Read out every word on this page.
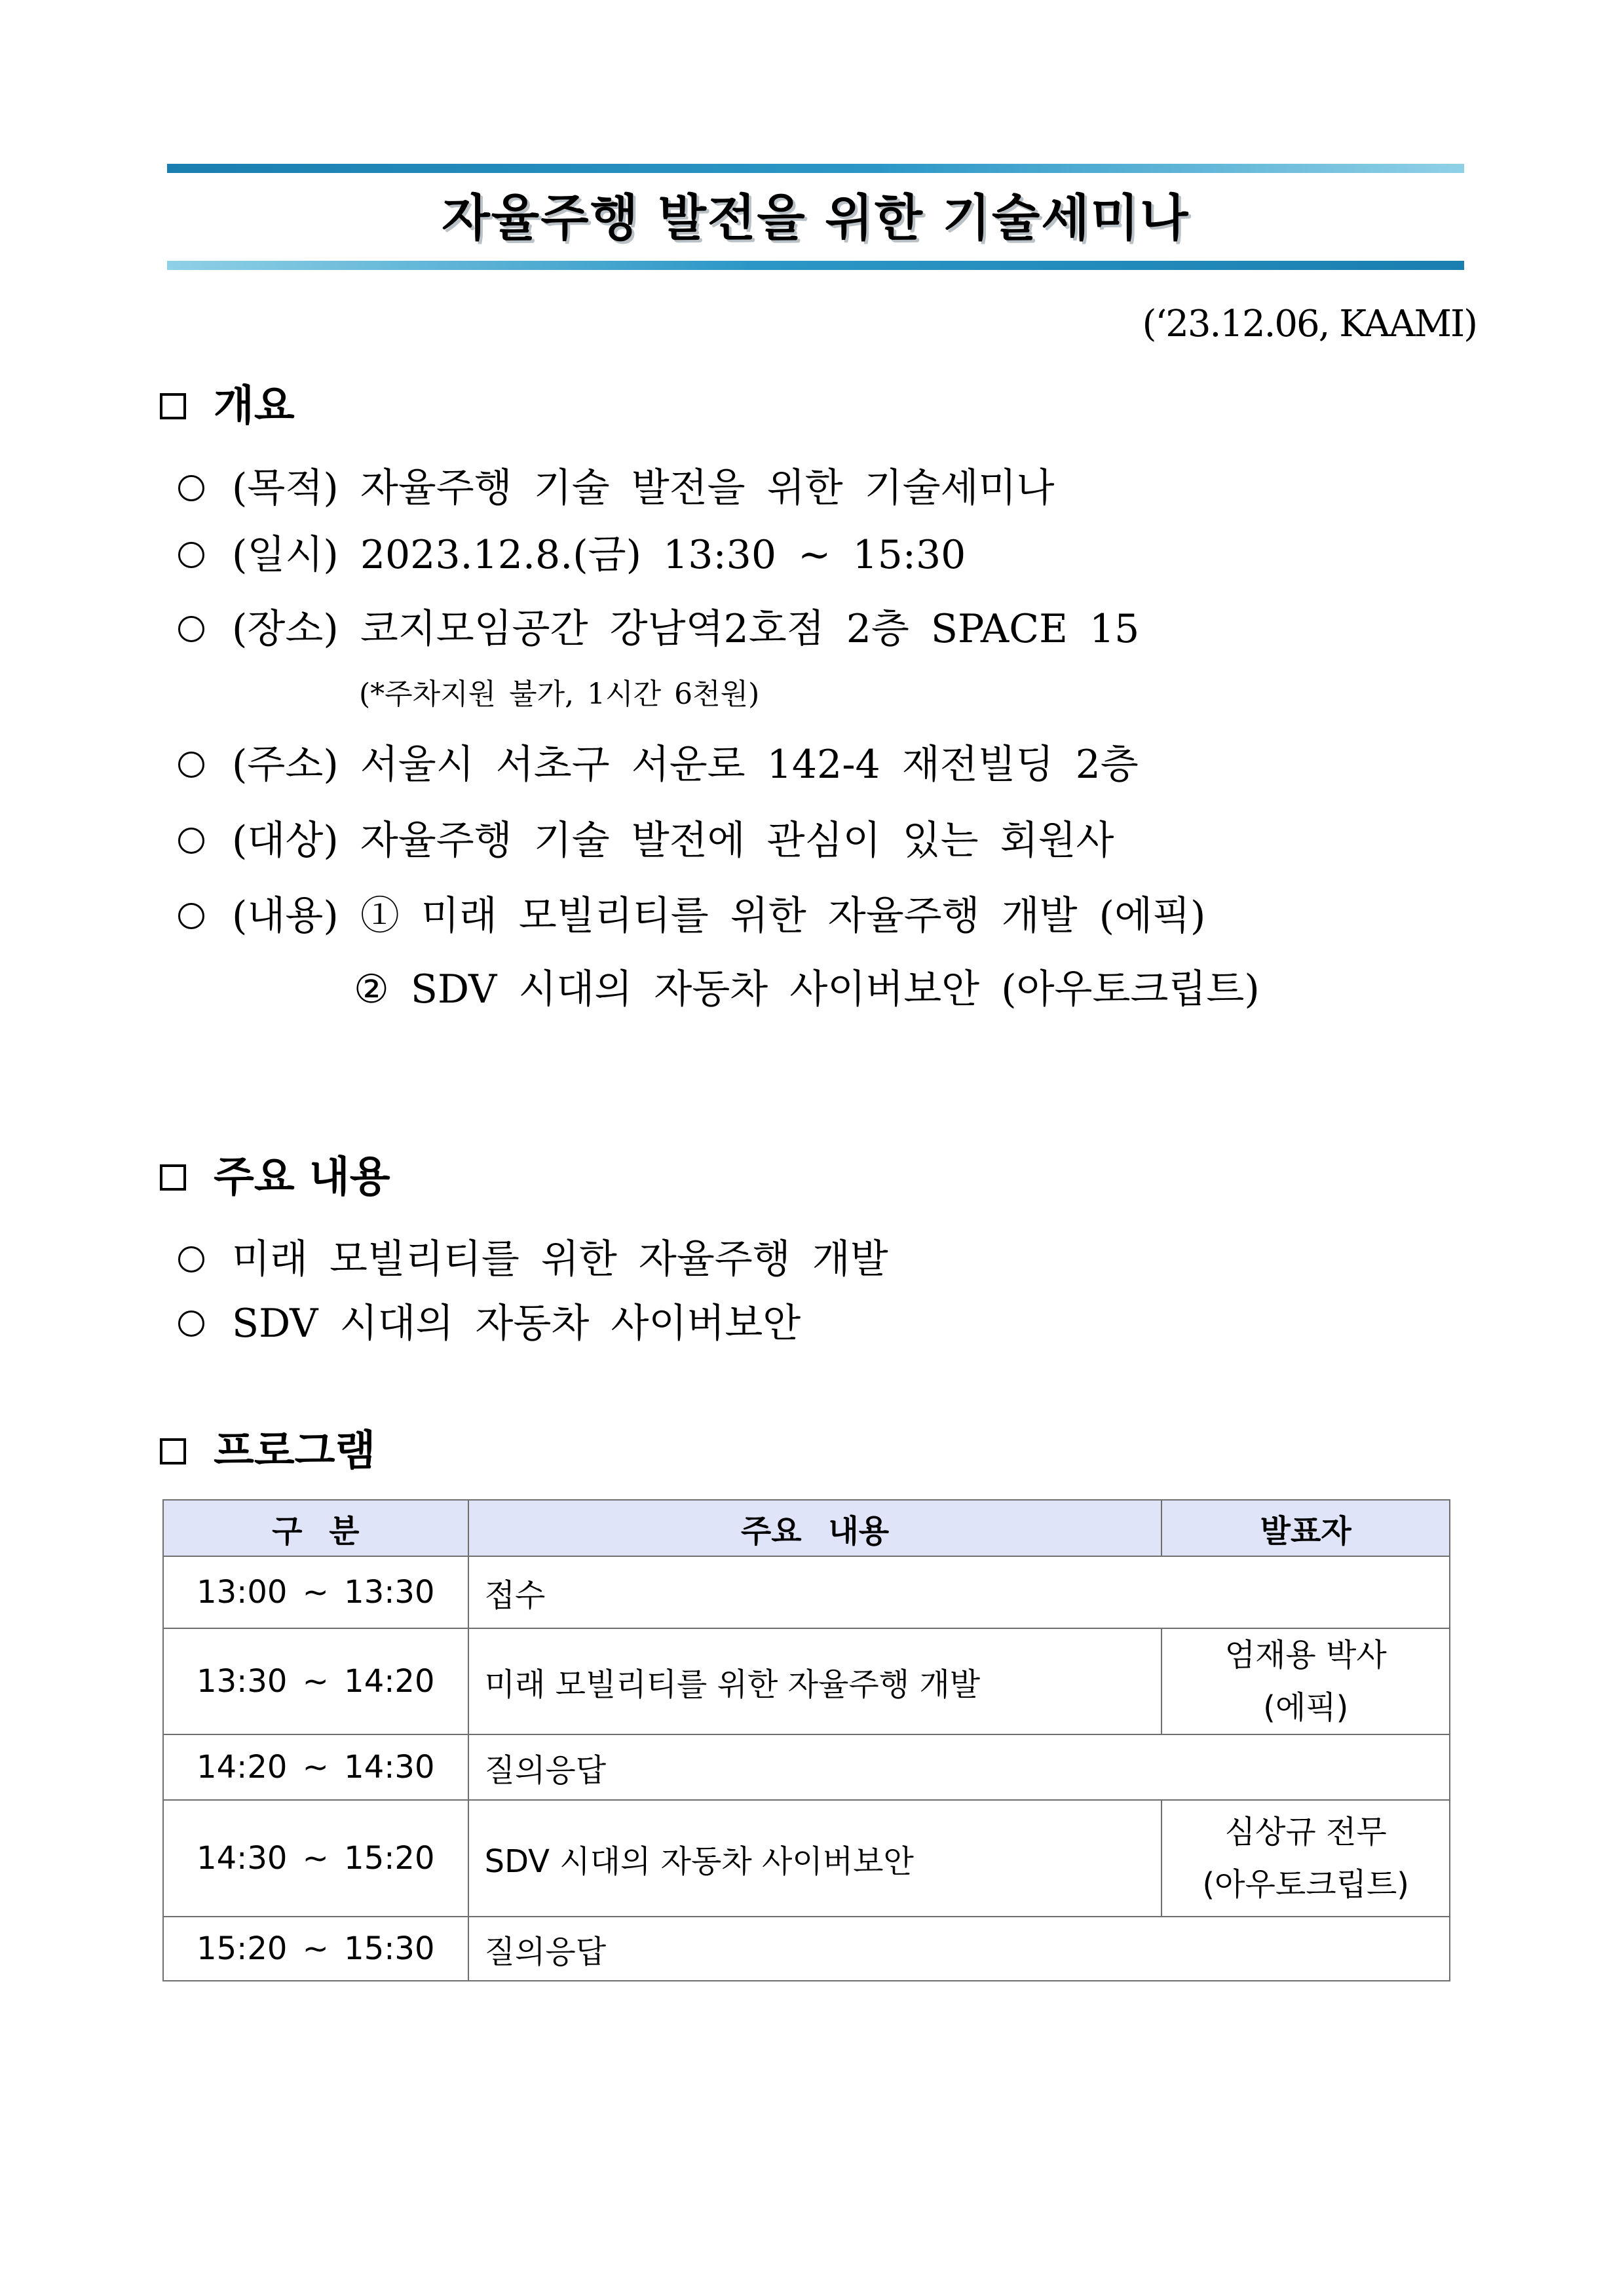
자율주행 발전을 위한 기술세미나
(‘23.12.06, KAAMI)
개요
(목적)
자율주행 기술 발전을 위한 기술세미나
(일시)
2023.12.8.(금) 13:30 ~ 15:30
(장소)
코지모임공간 강남역2호점 2층 SPACE 15
(*주차지원 불가, 1시간 6천원)
(주소)
서울시 서초구 서운로 142-4 재전빌딩 2층
(대상)
자율주행 기술 발전에 관심이 있는 회원사
(내용)
① 미래 모빌리티를 위한 자율주행 개발 (에픽)
② SDV 시대의 자동차 사이버보안 (아우토크립트)
주요 내용
미래 모빌리티를 위한 자율주행 개발
SDV 시대의 자동차 사이버보안
프로그램
구 분	주요 내용	발표자
13:00 ~ 13:30	접수	
13:30 ~ 14:20	미래 모빌리티를 위한 자율주행 개발	엄재용 박사
(에픽)

14:20 ~ 14:30	질의응답	
14:30 ~ 15:20	SDV 시대의 자동차 사이버보안	심상규 전무
(아우토크립트)

15:20 ~ 15:30	질의응답	
